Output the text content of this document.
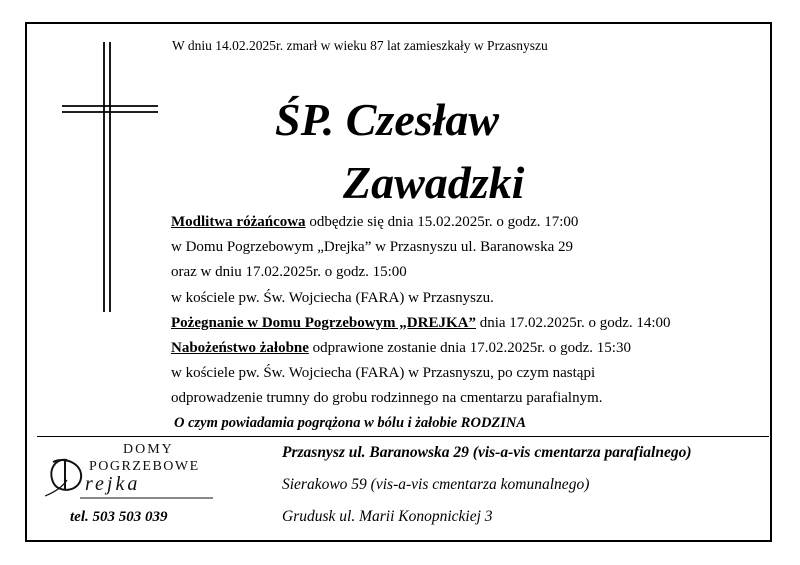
W dniu 14.02.2025r. zmarł w wieku 87 lat zamieszkały w Przasnyszu
ŚP. Czesław
Zawadzki
Modlitwa różańcowa odbędzie się dnia 15.02.2025r. o godz. 17:00
w Domu Pogrzebowym „Drejka” w Przasnyszu ul. Baranowska 29
oraz w dniu 17.02.2025r. o godz. 15:00
w kościele pw. Św. Wojciecha (FARA) w Przasnyszu.
Pożegnanie w Domu Pogrzebowym „DREJKA” dnia 17.02.2025r. o godz. 14:00
Nabożeństwo żałobne odprawione zostanie dnia 17.02.2025r. o godz. 15:30
w kościele pw. Św. Wojciecha (FARA) w Przasnyszu, po czym nastąpi
odprowadzenie trumny do grobu rodzinnego na cmentarzu parafialnym.
O czym powiadamia pogrążona w bólu i żałobie RODZINA
DOMY
POGRZEBOWE
rejka
tel. 503 503 039
Przasnysz ul. Baranowska 29 (vis-a-vis cmentarza parafialnego)
Sierakowo 59 (vis-a-vis cmentarza komunalnego)
Grudusk ul. Marii Konopnickiej 3
